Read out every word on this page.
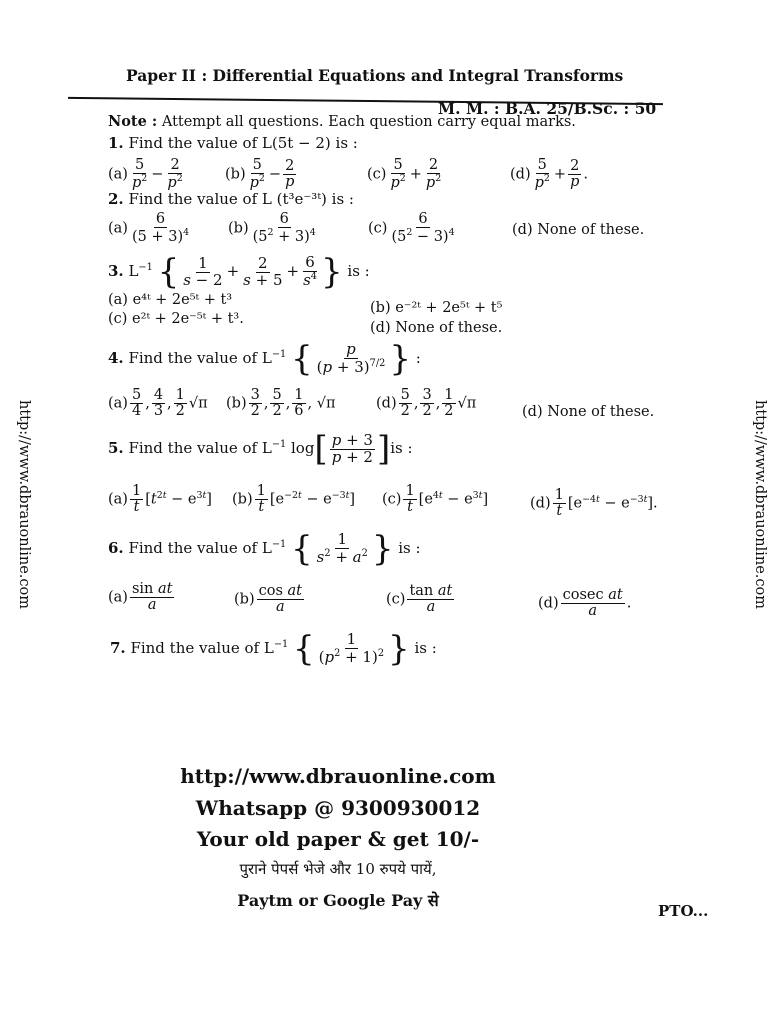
Paper II : Differential Equations and Integral Transforms
M. M. : B.A. 25/B.Sc. : 50
Note : Attempt all questions. Each question carry equal marks.
1. Find the value of L(5t − 2) is :
$(a) \frac{5}{p^2} - \frac{2}{p^2}$	$(b) \frac{5}{p^2} - \frac{2}{p}$	$(c) \frac{5}{p^2} + \frac{2}{p^2}$	$(d) \frac{5}{p^2} + \frac{2}{p}$ .
2. Find the value of L (t³e⁻³ᵗ) is :
$(a) \frac{6}{(5 + 3)^4}$	$(b) \frac{6}{(5^2 + 3)^4}$	$(c) \frac{6}{(5^2 - 3)^4}$	(d) None of these.
3. $L^{-1}$ { $\frac{1}{s - 2} + \frac{2}{s + 5} + \frac{6}{s^4}$ } is :
(a) e⁴ᵗ + 2e⁵ᵗ + t³	(b) e⁻²ᵗ + 2e⁵ᵗ + t⁵
(c) e²ᵗ + 2e⁻⁵ᵗ + t³.
(d) None of these.
4. Find the value of $L^{-1}$ { $\frac{p}{(p + 3)^{7/2}}$ } :
$(a) \frac{5}{4}$ , $\frac{4}{3}$ , $\frac{1}{2} √\pi$ $(b) \frac{3}{2}$ , $\frac{5}{2}$ , $\frac{1}{6}$ , √π	$(d) \frac{5}{2}$ , $\frac{3}{2}$ , $\frac{1}{2} √\pi$
(d) None of these.
5. Find the value of $L^{-1}$ $\log[ \frac{p + 3}{p + 2} ]is$ :
$(a) \frac{1}{t} [t^{2t} - e^{3t}]$ $(b) \frac{1}{t} [e^{-2t} - e^{-3t}]$ $(c) \frac{1}{t} [e^{4t} - e^{3t}]$	$(d) \frac{1}{t} [e^{-4t} - e^{-3t}]$.
6. Find the value of $L^{-1}$ { $\frac{1}{s^2 + a^2}$ } is :
$(a) \frac{\text{sin at}}{a}$	$(b) \frac{\text{cos at}}{a}$	$(c) \frac{\text{tan at}}{a}$	$(d) \frac{\text{cosec at}}{a}$ .
7. Find the value of $L^{-1}$ { $\frac{1}{(p^2 + 1)^2}$ } is :
http://www.dbrauonline.com	http://www.dbrauonline.com
http://www.dbrauonline.com
Whatsapp @ 9300930012
Your old paper & get 10/-
पुराने पेपर्स भेजे और 10 रुपये पायें,
Paytm or Google Pay से
PTO...
